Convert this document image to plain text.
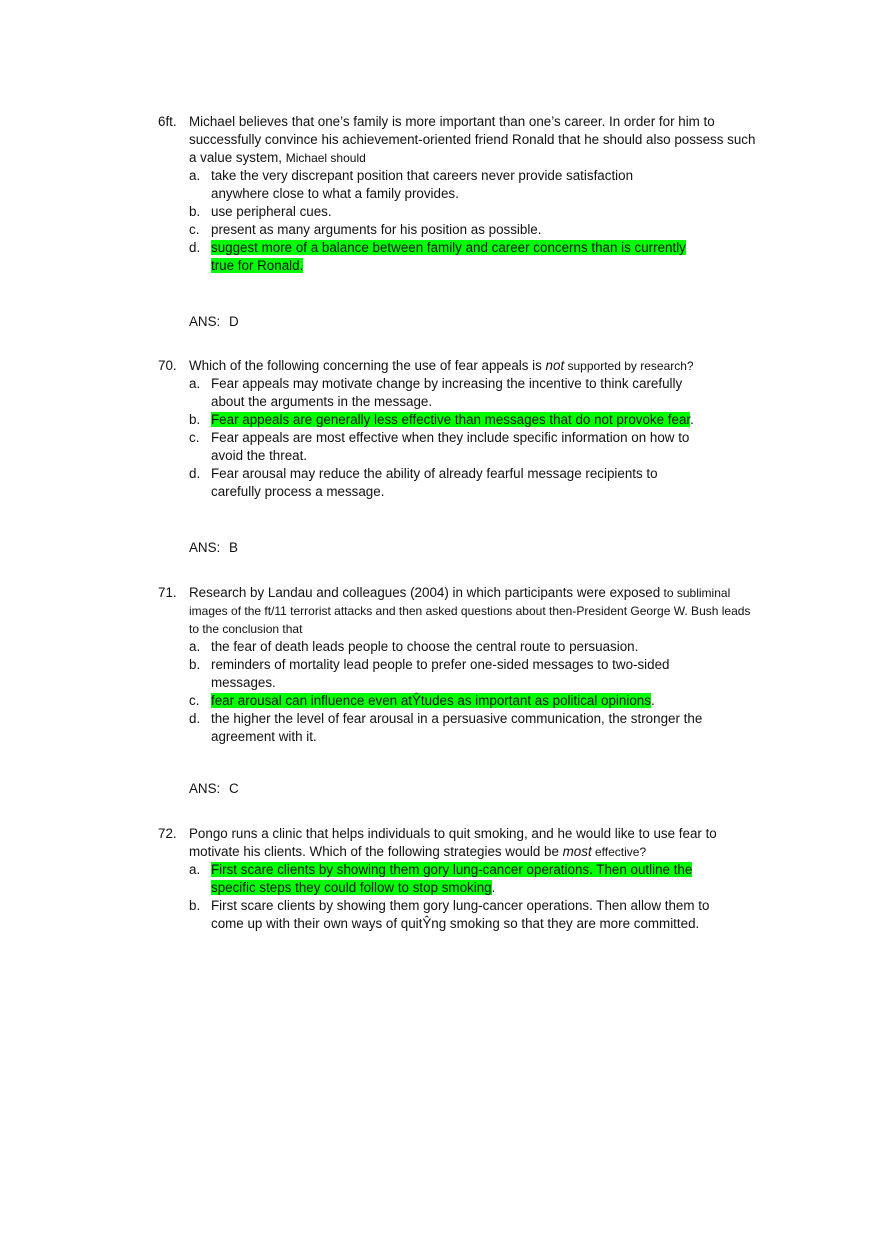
6ft. Michael believes that one’s family is more important than one’s career. In order for him to successfully convince his achievement-oriented friend Ronald that he should also possess such a value system, Michael should
a. take the very discrepant position that careers never provide satisfaction anywhere close to what a family provides.
b. use peripheral cues.
c. present as many arguments for his position as possible.
d. suggest more of a balance between family and career concerns than is currently true for Ronald.
ANS: D
70. Which of the following concerning the use of fear appeals is not supported by research?
a. Fear appeals may motivate change by increasing the incentive to think carefully about the arguments in the message.
b. Fear appeals are generally less effective than messages that do not provoke fear.
c. Fear appeals are most effective when they include specific information on how to avoid the threat.
d. Fear arousal may reduce the ability of already fearful message recipients to carefully process a message.
ANS: B
71. Research by Landau and colleagues (2004) in which participants were exposed to subliminal images of the ft/11 terrorist attacks and then asked questions about then-President George W. Bush leads to the conclusion that
a. the fear of death leads people to choose the central route to persuasion.
b. reminders of mortality lead people to prefer one-sided messages to two-sided messages.
c. fear arousal can influence even atŶtudes as important as political opinions.
d. the higher the level of fear arousal in a persuasive communication, the stronger the agreement with it.
ANS: C
72. Pongo runs a clinic that helps individuals to quit smoking, and he would like to use fear to motivate his clients. Which of the following strategies would be most effective?
a. First scare clients by showing them gory lung-cancer operations. Then outline the specific steps they could follow to stop smoking.
b. First scare clients by showing them gory lung-cancer operations. Then allow them to come up with their own ways of quitŶng smoking so that they are more committed.
